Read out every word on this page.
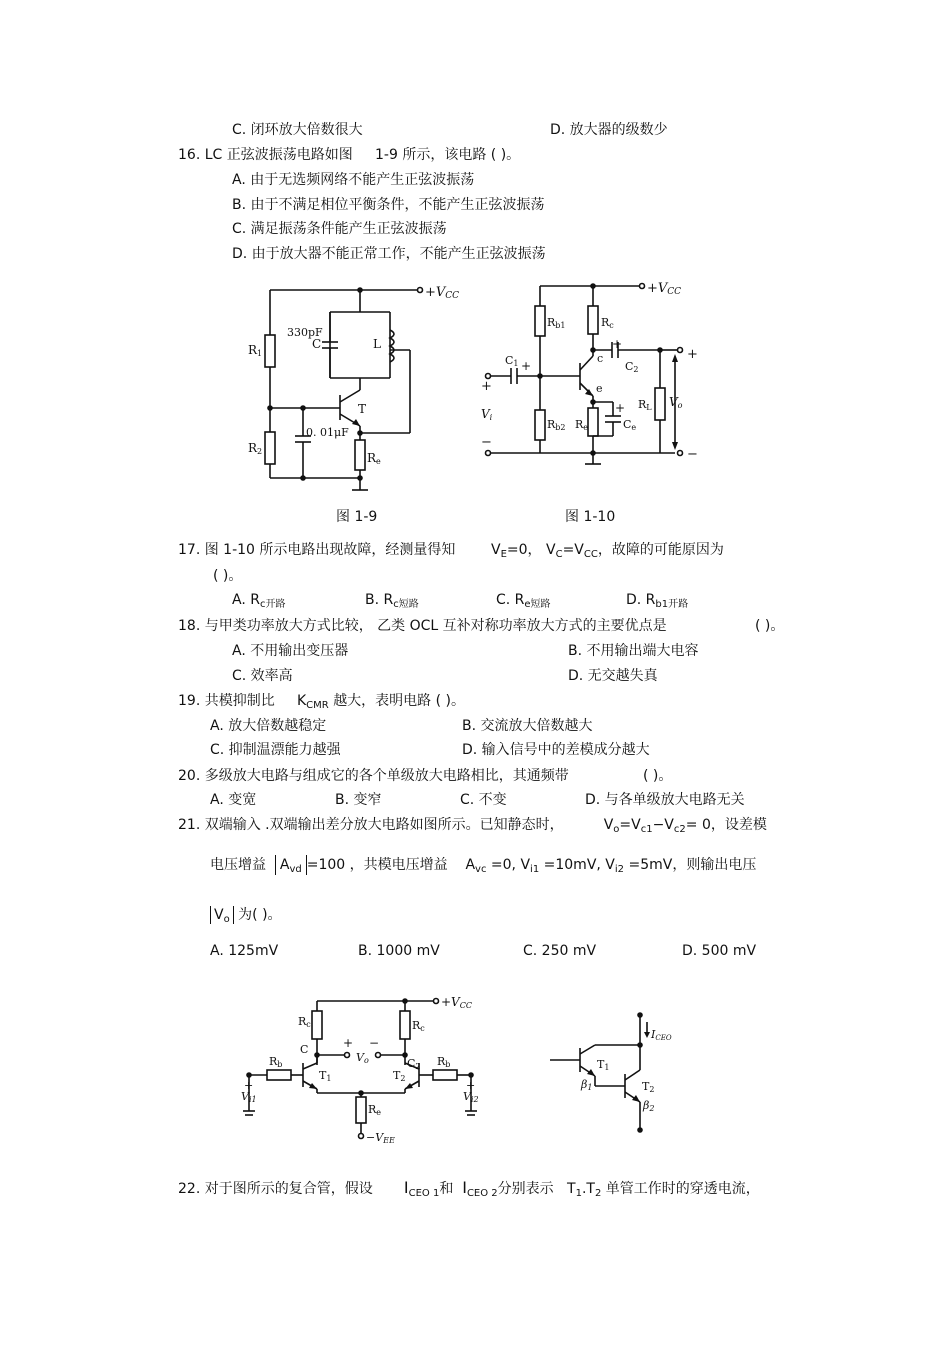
C. 闭环放大倍数很大	D. 放大器的级数少
16. LC 正弦波振荡电路如图 1-9 所示，该电路 ( )。
A. 由于无选频网络不能产生正弦波振荡
B. 由于不满足相位平衡条件，不能产生正弦波振荡
C. 满足振荡条件能产生正弦波振荡
D. 由于放大器不能正常工作，不能产生正弦波振荡
+VCC
R1
R2
0. 01μF
T
330pF
C	L
Re
图 1-9
+VCC
Rb1
Rb2
C1 +
+
Vi
−
Rc
c
+
C2
RL
e
Re
+
Ce
+
Vo
−
图 1-10
17. 图 1-10 所示电路出现故障，经测量得知	$V_E=0$， $V_C=V_{CC}$，故障的可能原因为
( )。
A. $R_{c开路}$	B. $R_{c短路}$	C. $R_{e短路}$	D. $R_{b1开路}$
18. 与甲类功率放大方式比较， 乙类 OCL 互补对称功率放大方式的主要优点是	( )。
A. 不用输出变压器	B. 不用输出端大电容
C. 效率高	D. 无交越失真
19. 共模抑制比 $K_{CMR}$ 越大，表明电路 ( )。
A. 放大倍数越稳定	B. 交流放大倍数越大
C. 抑制温漂能力越强	D. 输入信号中的差模成分越大
20. 多级放大电路与组成它的各个单级放大电路相比，其通频带	( )。
A. 变宽	B. 变窄	C. 不变	D. 与各单级放大电路无关
21. 双端输入 .双端输出差分放大电路如图所示。已知静态时，	$V_o=V_{c1}-V_{c2}= 0$，设差模
电压增益 $A_{vd} =100$ ，共模电压增益 $A_{vc} =0$, $V_{i1} =10mV$, $V_{i2} =5mV$，则输出电压
$V_o$ 为( )。
A. 125mV	B. 1000 mV	C. 250 mV	D. 500 mV
+VCC
Rc	Rc
C
C2
+ −
Vo
T1	T2
Re
−VEE
Rb
+
Vi1
Rb
+
Vi2
ICEO
T1
β1	T2
β2
22. 对于图所示的复合管，假设 $I_{CEO 1}$和 $I_{CEO 2}$分别表示 $T_1.T_2$ 单管工作时的穿透电流，
